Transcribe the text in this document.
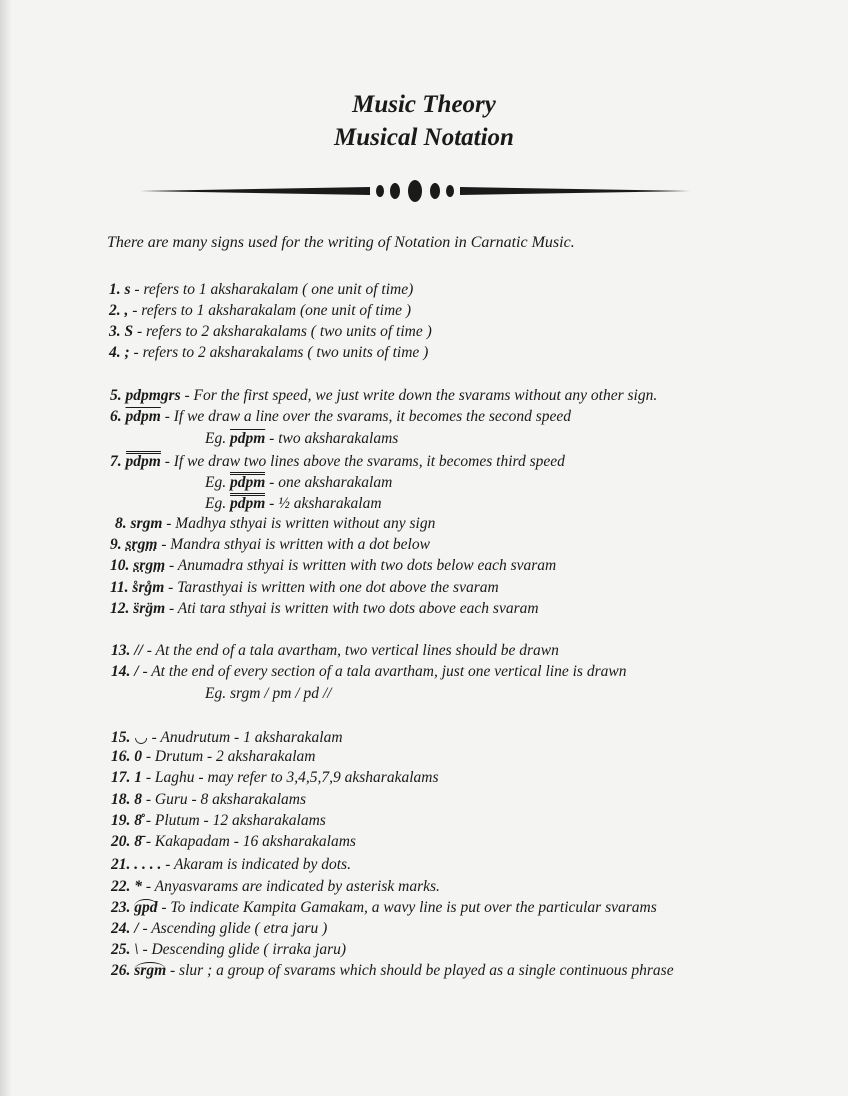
Music Theory
Musical Notation
There are many signs used for the writing of Notation in Carnatic Music.
1. s - refers to 1 aksharakalam ( one unit of time)
2. , - refers to 1 aksharakalam (one unit of time )
3. S - refers to 2 aksharakalams ( two units of time )
4. ; - refers to 2 aksharakalams ( two units of time )
5. pdpmgrs - For the first speed, we just write down the svarams without any other sign.
6. pdpm - If we draw a line over the svarams, it becomes the second speed
Eg. pdpm - two aksharakalams
7. pdpm - If we draw two lines above the svarams, it becomes third speed
Eg. pdpm - one aksharakalam
Eg. pdpm - ½ aksharakalam
8. srgm - Madhya sthyai is written without any sign
9. srgm - Mandra sthyai is written with a dot below
10. srgm - Anumadra sthyai is written with two dots below each svaram
11. s̊rg̊m - Tarasthyai is written with one dot above the svaram
12. s̈rg̈m - Ati tara sthyai is written with two dots above each svaram
13. // - At the end of a tala avartham, two vertical lines should be drawn
14. / - At the end of every section of a tala avartham, just one vertical line is drawn
Eg. srgm / pm / pd //
15. ◡ - Anudrutum - 1 aksharakalam
16. 0 - Drutum - 2 aksharakalam
17. 1 - Laghu - may refer to 3,4,5,7,9 aksharakalams
18. 8 - Guru - 8 aksharakalams
19. 8̊ - Plutum - 12 aksharakalams
20. 8̄ - Kakapadam - 16 aksharakalams
21. . . . . - Akaram is indicated by dots.
22. * - Anyasvarams are indicated by asterisk marks.
23. gpd - To indicate Kampita Gamakam, a wavy line is put over the particular svarams
24. / - Ascending glide ( etra jaru )
25. \ - Descending glide ( irraka jaru)
26. srgm - slur ; a group of svarams which should be played as a single continuous phrase
